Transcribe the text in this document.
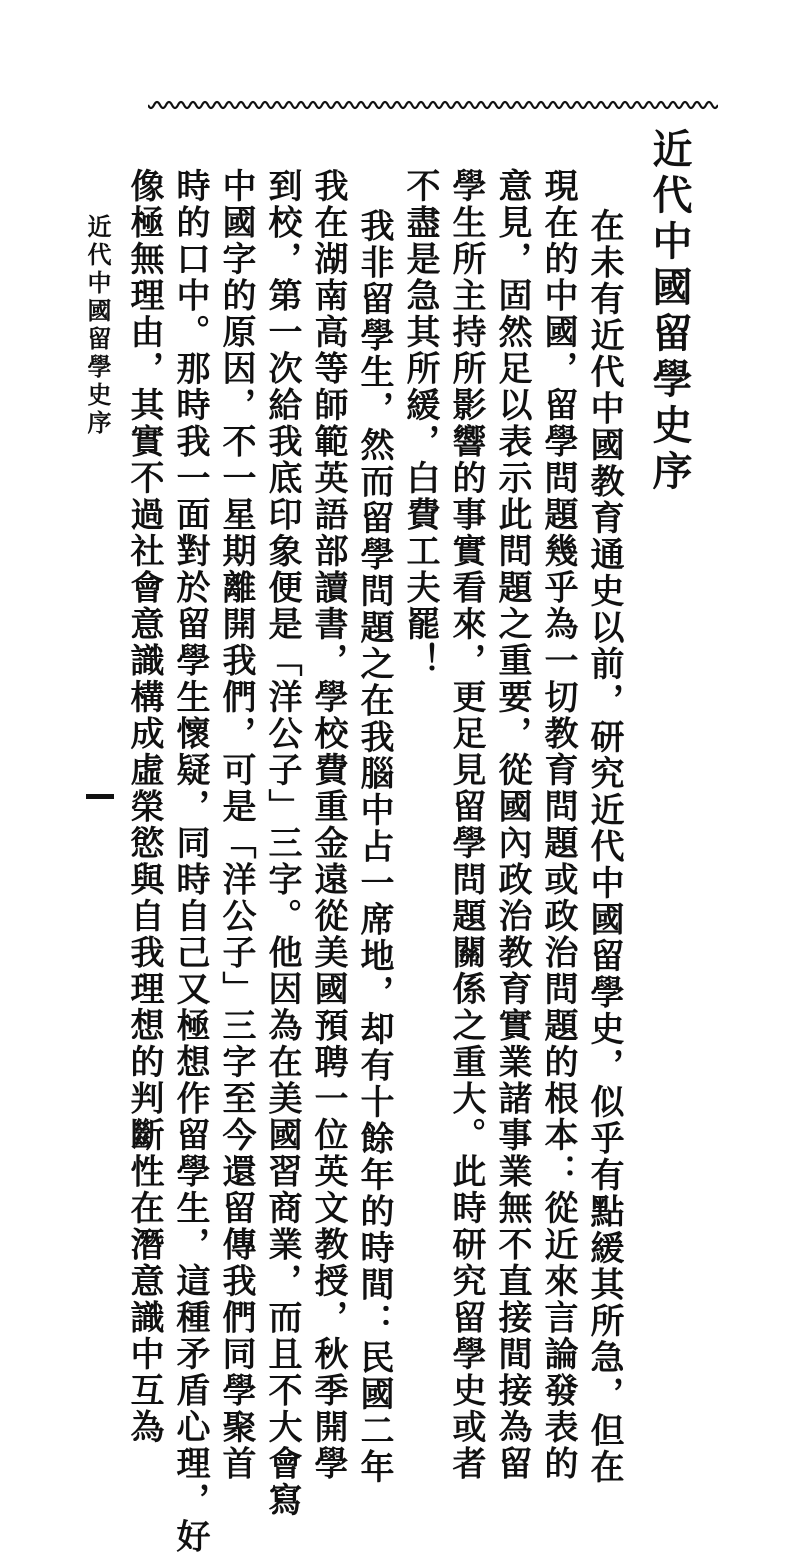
近代中國留學史序
在未有近代中國教育通史以前，研究近代中國留學史，似乎有點緩其所急，但在
現在的中國，留學問題幾乎為一切教育問題或政治問題的根本：從近來言論發表的
意見，固然足以表示此問題之重要，從國內政治教育實業諸事業無不直接間接為留
學生所主持所影響的事實看來，更足見留學問題關係之重大。此時研究留學史或者
不盡是急其所緩，白費工夫罷！
我非留學生，然而留學問題之在我腦中占一席地，却有十餘年的時間：民國二年
我在湖南高等師範英語部讀書，學校費重金遠從美國預聘一位英文教授，秋季開學
到校，第一次給我底印象便是「洋公子」三字。他因為在美國習商業，而且不大會寫
中國字的原因，不一星期離開我們，可是「洋公子」三字至今還留傳我們同學聚首
時的口中。那時我一面對於留學生懷疑，同時自己又極想作留學生，這種矛盾心理，好
像極無理由，其實不過社會意識構成虛榮慾與自我理想的判斷性在潛意識中互為
近代中國留學史
序
